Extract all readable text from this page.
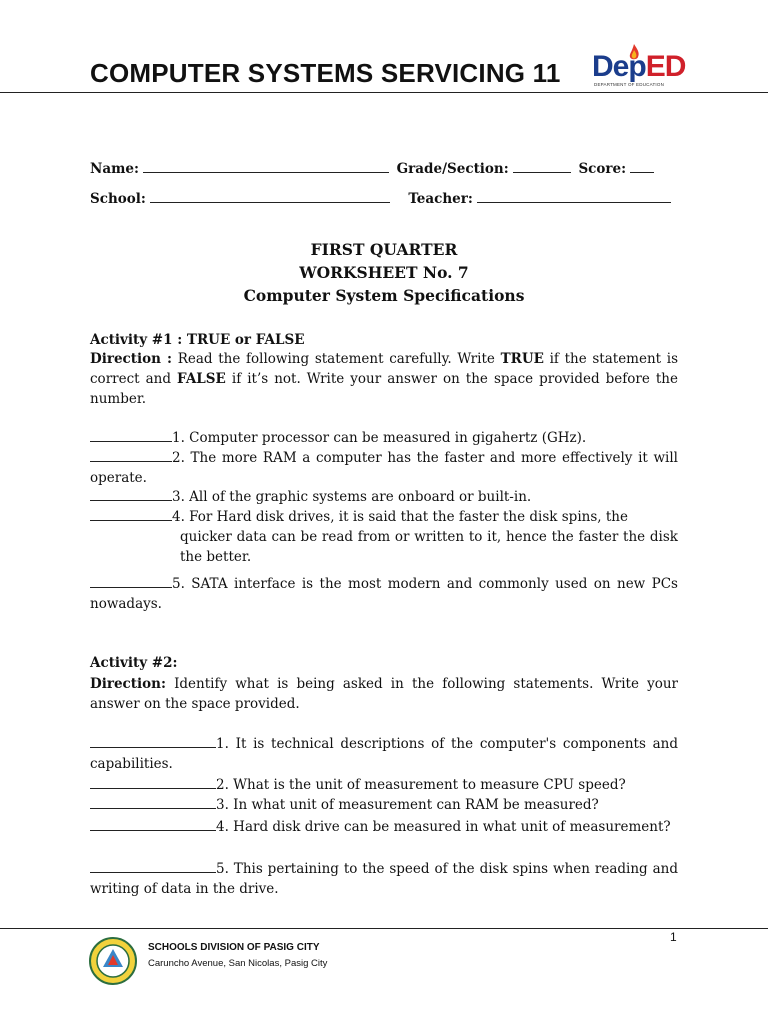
COMPUTER SYSTEMS SERVICING 11 DepED
DEPARTMENT OF EDUCATION
Name:	Grade/Section:	Score:
School:	Teacher:
FIRST QUARTER
WORKSHEET No. 7
Computer System Specifications
Activity #1 : TRUE or FALSE
Direction : Read the following statement carefully. Write TRUE if the statement is correct and FALSE if it’s not. Write your answer on the space provided before the number.
1. Computer processor can be measured in gigahertz (GHz).
2. The more RAM a computer has the faster and more effectively it will operate.
3. All of the graphic systems are onboard or built-in.
4. For Hard disk drives, it is said that the faster the disk spins, the
quicker data can be read from or written to it, hence the faster the disk the better.
5. SATA interface is the most modern and commonly used on new PCs nowadays.
Activity #2:
Direction: Identify what is being asked in the following statements. Write your answer on the space provided.
1. It is technical descriptions of the computer's components and capabilities.
2. What is the unit of measurement to measure CPU speed?
3. In what unit of measurement can RAM be measured?
4. Hard disk drive can be measured in what unit of measurement?
5. This pertaining to the speed of the disk spins when reading and writing of data in the drive.
1
SCHOOLS DIVISION OF PASIG CITY
Caruncho Avenue, San Nicolas, Pasig City
